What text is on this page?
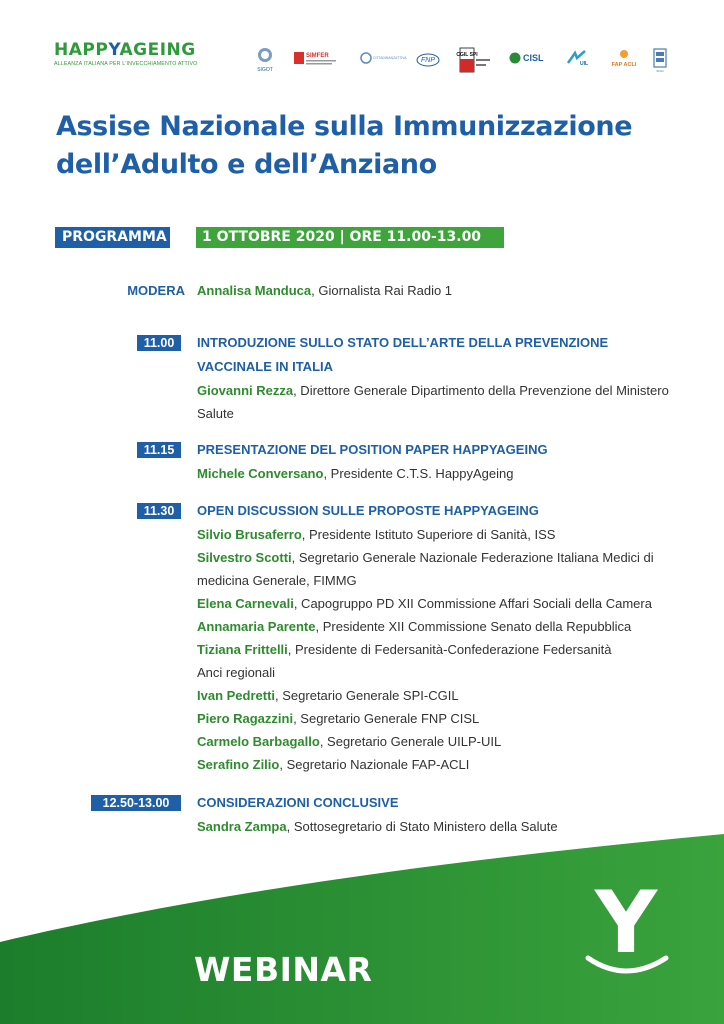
HAPPYAGEING
ALLEANZA ITALIANA PER L'INVECCHIAMENTO ATTIVO
SIGOT
SIMFER	CITTADINANZATTIVA FNP
CGIL SPI	CISL
UIL	FAP ACLI
SIGG
Assise Nazionale sulla Immunizzazione
dell’Adulto e dell’Anziano
PROGRAMMA	1 OTTOBRE 2020 | ORE 11.00-13.00
MODERA Annalisa Manduca, Giornalista Rai Radio 1
11.00	INTRODUZIONE SULLO STATO DELL’ARTE DELLA PREVENZIONE VACCINALE IN ITALIA
Giovanni Rezza, Direttore Generale Dipartimento della Prevenzione del Ministero Salute
11.15	PRESENTAZIONE DEL POSITION PAPER HAPPYAGEING
Michele Conversano, Presidente C.T.S. HappyAgeing
11.30	OPEN DISCUSSION SULLE PROPOSTE HAPPYAGEING
Silvio Brusaferro, Presidente Istituto Superiore di Sanità, ISS
Silvestro Scotti, Segretario Generale Nazionale Federazione Italiana Medici di medicina Generale, FIMMG
Elena Carnevali, Capogruppo PD XII Commissione Affari Sociali della Camera
Annamaria Parente, Presidente XII Commissione Senato della Repubblica
Tiziana Frittelli, Presidente di Federsanità-Confederazione Federsanità
Anci regionali
Ivan Pedretti, Segretario Generale SPI-CGIL
Piero Ragazzini, Segretario Generale FNP CISL
Carmelo Barbagallo, Segretario Generale UILP-UIL
Serafino Zilio, Segretario Nazionale FAP-ACLI
12.50-13.00	CONSIDERAZIONI CONCLUSIVE
Sandra Zampa, Sottosegretario di Stato Ministero della Salute
WEBINAR	Y
